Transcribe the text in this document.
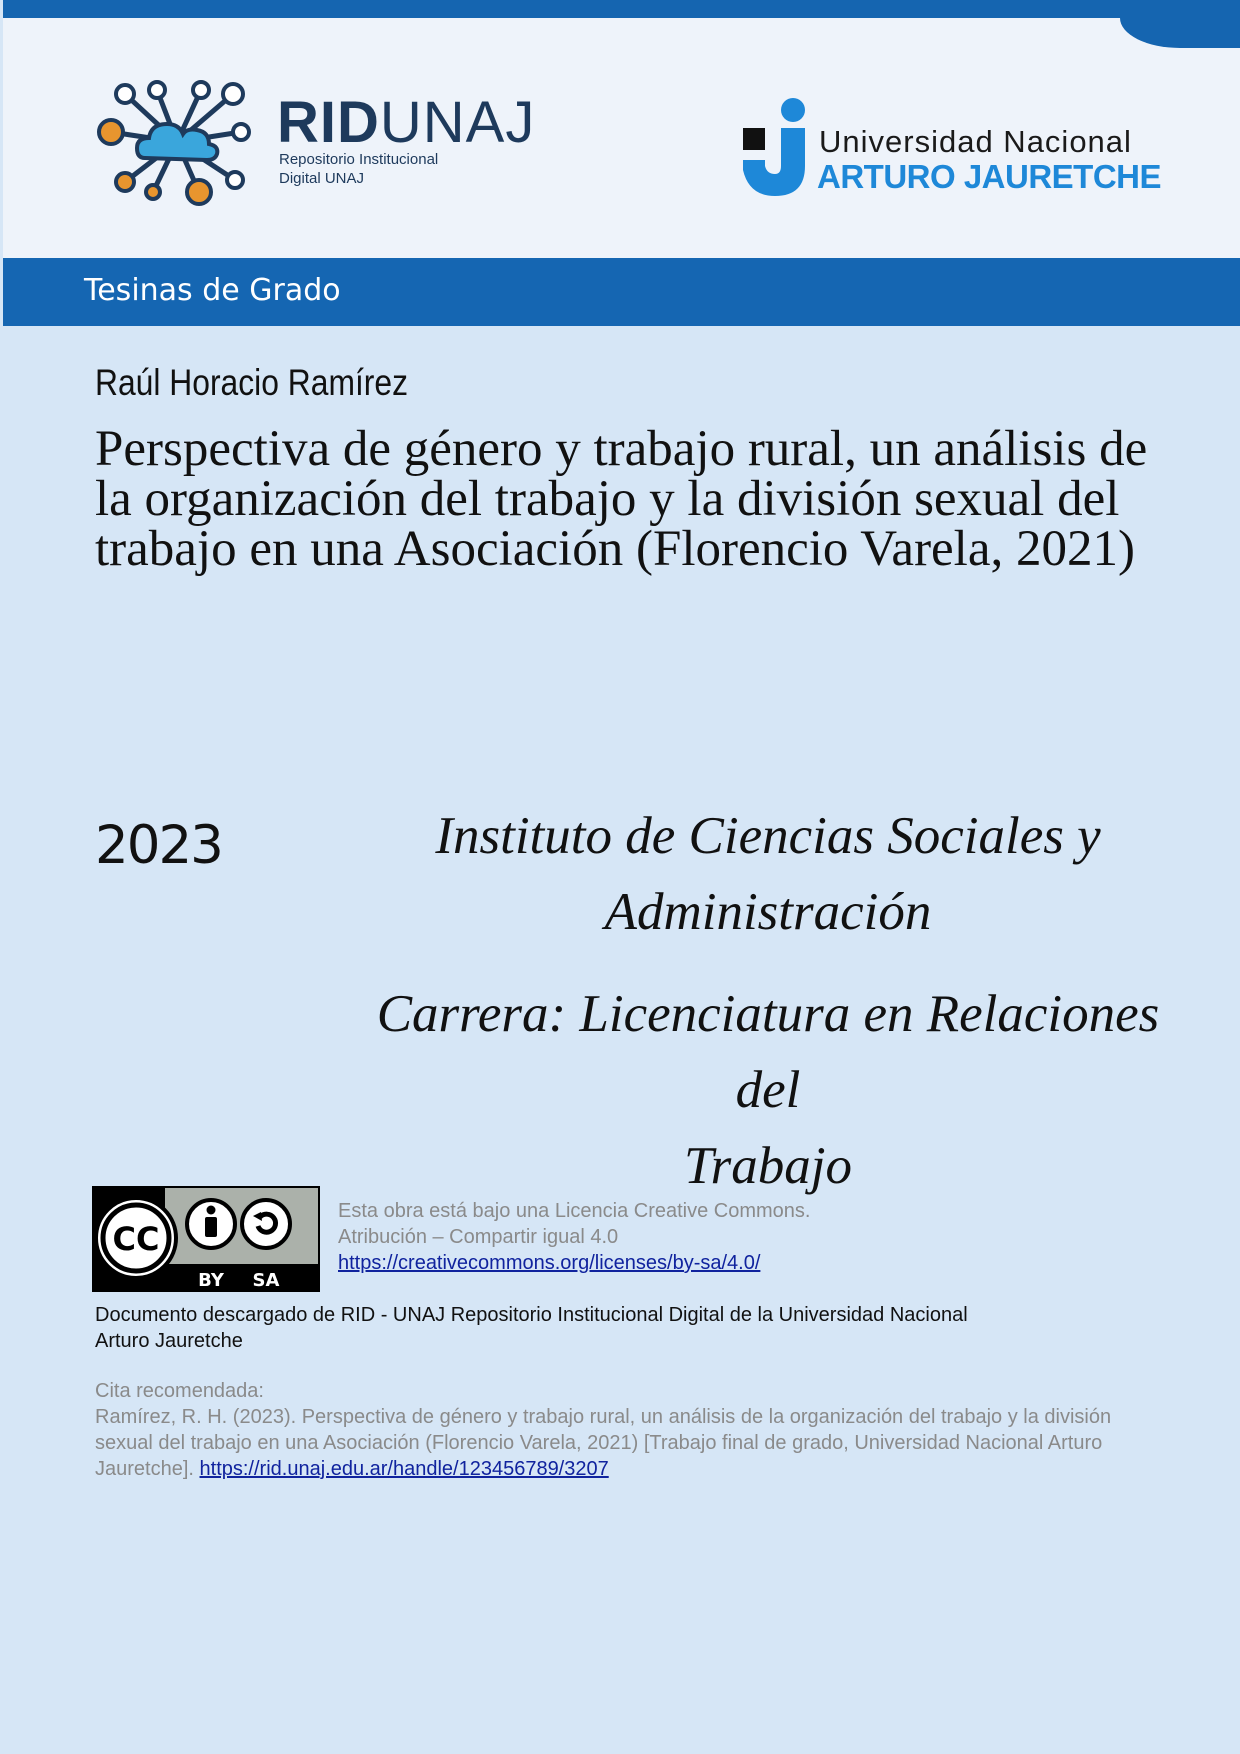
RIDUNAJ
Repositorio Institucional
Digital UNAJ
Universidad Nacional
ARTURO JAURETCHE
Tesinas de Grado
Raúl Horacio Ramírez
Perspectiva de género y trabajo rural, un análisis de la organización del trabajo y la división sexual del trabajo en una Asociación (Florencio Varela, 2021)
2023	Instituto de Ciencias Sociales y
Administración
Carrera: Licenciatura en Relaciones del
Trabajo
CC
BY SA
Esta obra está bajo una Licencia Creative Commons.
Atribución – Compartir igual 4.0
https://creativecommons.org/licenses/by-sa/4.0/
Documento descargado de RID - UNAJ Repositorio Institucional Digital de la Universidad Nacional Arturo Jauretche
Cita recomendada:
Ramírez, R. H. (2023). Perspectiva de género y trabajo rural, un análisis de la organización del trabajo y la división sexual del trabajo en una Asociación (Florencio Varela, 2021) [Trabajo final de grado, Universidad Nacional Arturo Jauretche]. https://rid.unaj.edu.ar/handle/123456789/3207
